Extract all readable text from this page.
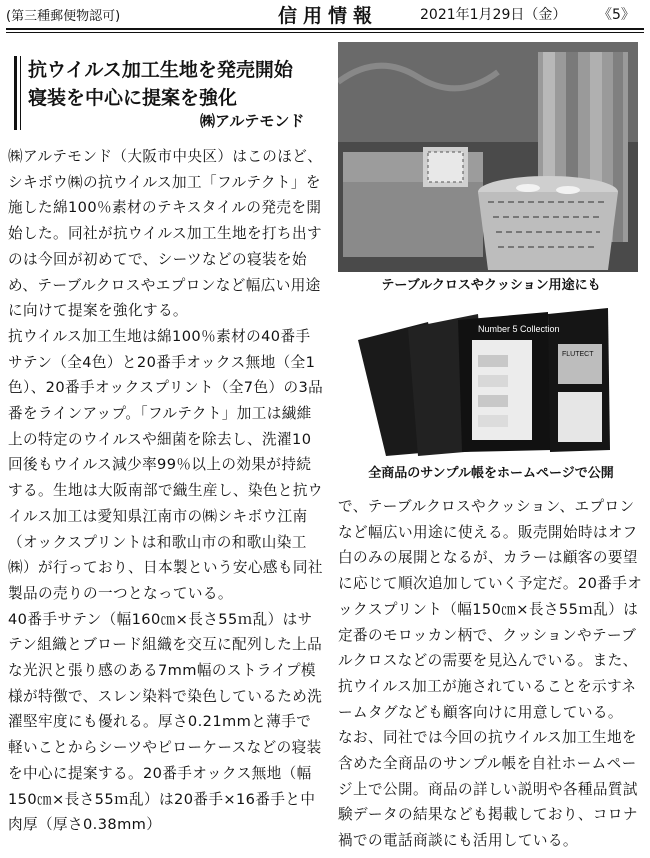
(第三種郵便物認可)	信用情報	2021年1月29日（金） 《5》
抗ウイルス加工生地を発売開始
寝装を中心に提案を強化
㈱アルテモンド

㈱アルテモンド（大阪市中央区）はこのほど、シキボウ㈱の抗ウイルス加工「フルテクト」を施した綿100％素材のテキスタイルの発売を開始した。同社が抗ウイルス加工生地を打ち出すのは今回が初めてで、シーツなどの寝装を始め、テーブルクロスやエプロンなど幅広い用途に向けて提案を強化する。

抗ウイルス加工生地は綿100％素材の40番手サテン（全4色）と20番手オックス無地（全1色）、20番手オックスプリント（全7色）の3品番をラインアップ。「フルテクト」加工は繊維上の特定のウイルスや細菌を除去し、洗濯10回後もウイルス減少率99％以上の効果が持続する。生地は大阪南部で織生産し、染色と抗ウイルス加工は愛知県江南市の㈱シキボウ江南（オックスプリントは和歌山市の和歌山染工㈱）が行っており、日本製という安心感も同社製品の売りの一つとなっている。

40番手サテン（幅160㎝×長さ55ｍ乱）はサテン組織とブロード組織を交互に配列した上品な光沢と張り感のある7mm幅のストライプ模様が特徴で、スレン染料で染色しているため洗濯堅牢度にも優れる。厚さ0.21mmと薄手で軽いことからシーツやピローケースなどの寝装を中心に提案する。20番手オックス無地（幅150㎝×長さ55ｍ乱）は20番手×16番手と中肉厚（厚さ0.38mm）

テーブルクロスやクッション用途にも
Number 5 Collection
FLUTECT
全商品のサンプル帳をホームページで公開

で、テーブルクロスやクッション、エプロンなど幅広い用途に使える。販売開始時はオフ白のみの展開となるが、カラーは顧客の要望に応じて順次追加していく予定だ。20番手オックスプリント（幅150㎝×長さ55ｍ乱）は定番のモロッカン柄で、クッションやテーブルクロスなどの需要を見込んでいる。また、抗ウイルス加工が施されていることを示すネームタグなども顧客向けに用意している。

なお、同社では今回の抗ウイルス加工生地を含めた全商品のサンプル帳を自社ホームページ上で公開。商品の詳しい説明や各種品質試験データの結果なども掲載しており、コロナ禍での電話商談にも活用している。
